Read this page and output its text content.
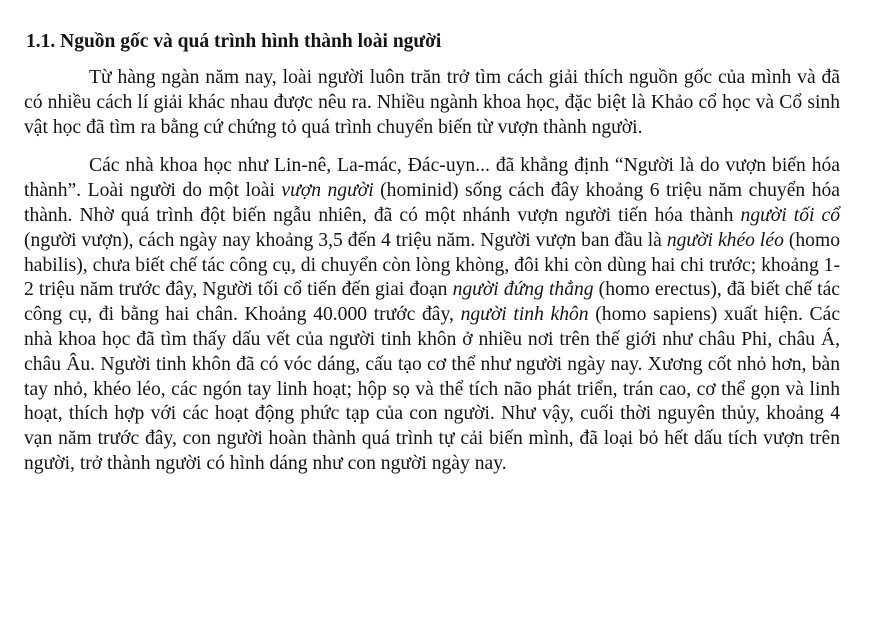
1.1. Nguồn gốc và quá trình hình thành loài người

Từ hàng ngàn năm nay, loài người luôn trăn trở tìm cách giải thích nguồn gốc của mình và đã có nhiều cách lí giải khác nhau được nêu ra. Nhiều ngành khoa học, đặc biệt là Khảo cổ học và Cổ sinh vật học đã tìm ra bằng cứ chứng tỏ quá trình chuyển biến từ vượn thành người.

Các nhà khoa học như Lin-nê, La-mác, Đác-uyn... đã khẳng định “Người là do vượn biến hóa thành”. Loài người do một loài vượn người (hominid) sống cách đây khoảng 6 triệu năm chuyển hóa thành. Nhờ quá trình đột biến ngẫu nhiên, đã có một nhánh vượn người tiến hóa thành người tối cổ (người vượn), cách ngày nay khoảng 3,5 đến 4 triệu năm. Người vượn ban đầu là người khéo léo (homo habilis), chưa biết chế tác công cụ, di chuyển còn lòng khòng, đôi khi còn dùng hai chi trước; khoảng 1-2 triệu năm trước đây, Người tối cổ tiến đến giai đoạn người đứng thẳng (homo erectus), đã biết chế tác công cụ, đi bằng hai chân. Khoảng 40.000 trước đây, người tinh khôn (homo sapiens) xuất hiện. Các nhà khoa học đã tìm thấy dấu vết của người tinh khôn ở nhiều nơi trên thế giới như châu Phi, châu Á, châu Âu. Người tinh khôn đã có vóc dáng, cấu tạo cơ thể như người ngày nay. Xương cốt nhỏ hơn, bàn tay nhỏ, khéo léo, các ngón tay linh hoạt; hộp sọ và thể tích não phát triển, trán cao, cơ thể gọn và linh hoạt, thích hợp với các hoạt động phức tạp của con người. Như vậy, cuối thời nguyên thủy, khoảng 4 vạn năm trước đây, con người hoàn thành quá trình tự cải biến mình, đã loại bỏ hết dấu tích vượn trên người, trở thành người có hình dáng như con người ngày nay.
